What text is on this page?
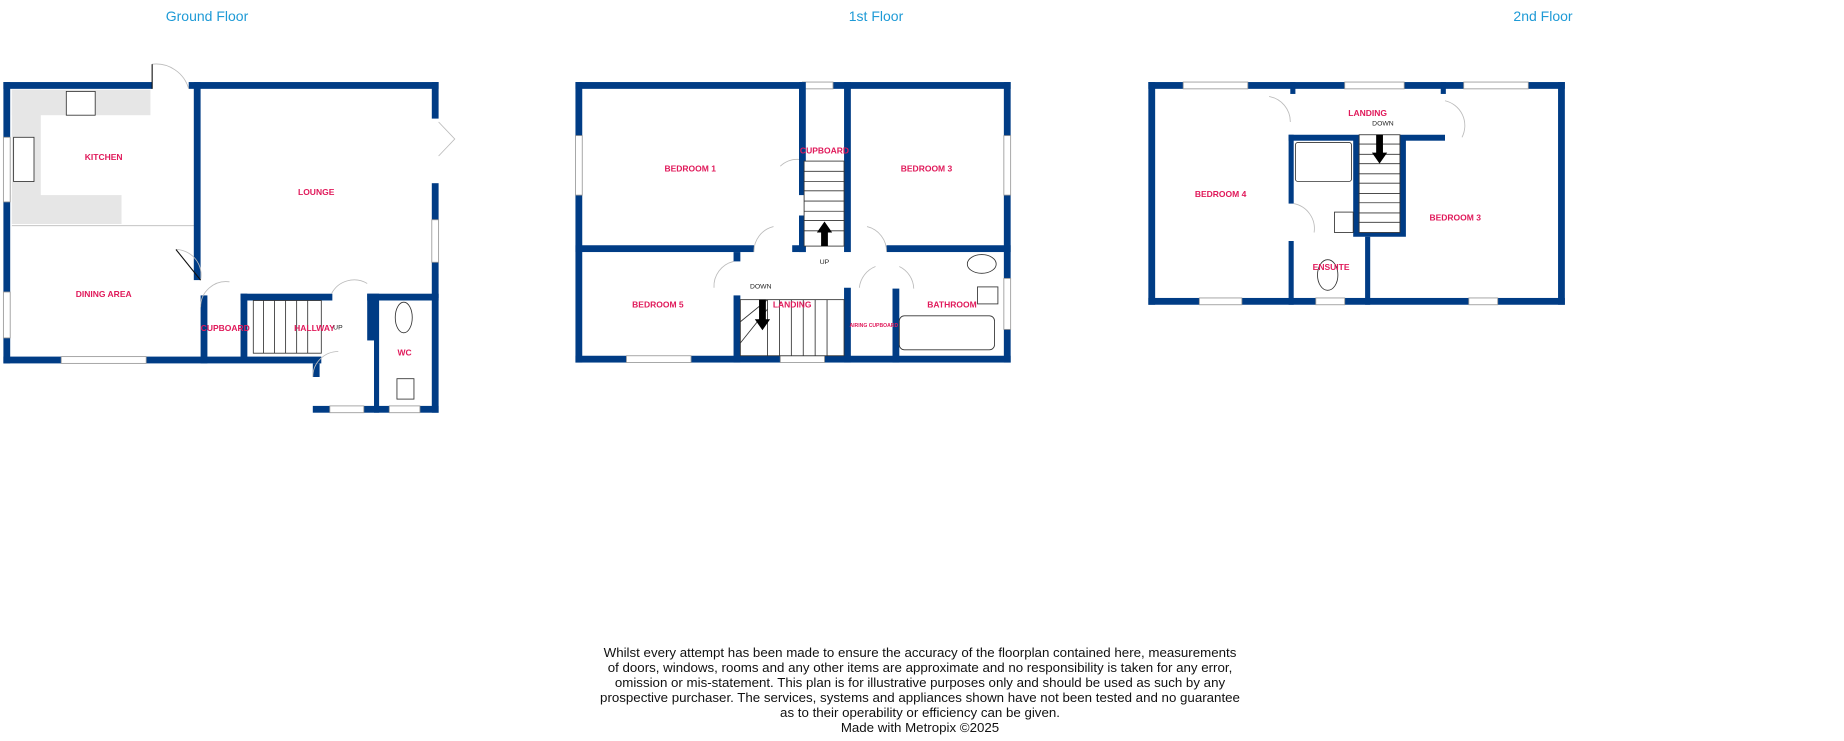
Ground Floor	1st Floor	2nd Floor
KITCHEN
LOUNGE
DINING AREA
CUPBOARD	HALLWAY
UP
WC
BEDROOM 1
CUPBOARD
BEDROOM 3
UP
DOWN
BEDROOM 5	LANDING
AIRING CUPBOARD
BATHROOM
LANDING
DOWN
BEDROOM 4
BEDROOM 3
ENSUITE
Whilst every attempt has been made to ensure the accuracy of the floorplan contained here, measurements
of doors, windows, rooms and any other items are approximate and no responsibility is taken for any error,
omission or mis-statement. This plan is for illustrative purposes only and should be used as such by any
prospective purchaser. The services, systems and appliances shown have not been tested and no guarantee
as to their operability or efficiency can be given.
Made with Metropix ©2025
